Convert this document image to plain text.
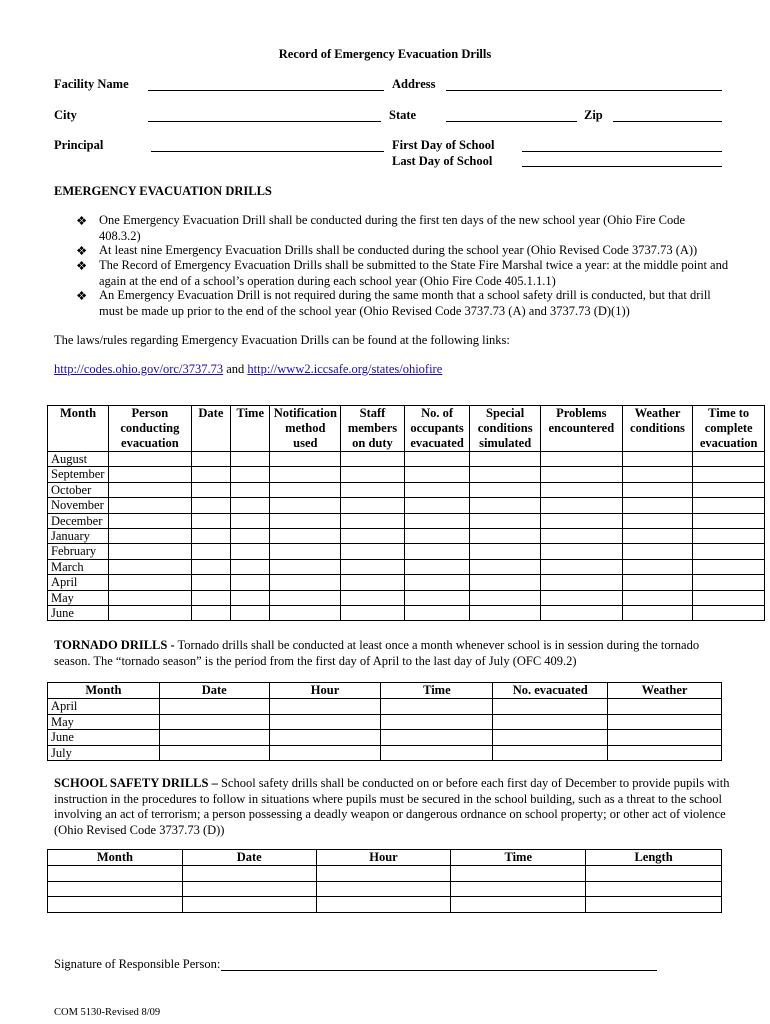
Record of Emergency Evacuation Drills
Facility Name	Address
City	State	Zip
Principal	First Day of School
Last Day of School
EMERGENCY EVACUATION DRILLS
❖ One Emergency Evacuation Drill shall be conducted during the first ten days of the new school year (Ohio Fire Code 408.3.2)
❖ At least nine Emergency Evacuation Drills shall be conducted during the school year (Ohio Revised Code 3737.73 (A))
❖ The Record of Emergency Evacuation Drills shall be submitted to the State Fire Marshal twice a year: at the middle point and again at the end of a school’s operation during each school year (Ohio Fire Code 405.1.1.1)
❖ An Emergency Evacuation Drill is not required during the same month that a school safety drill is conducted, but that drill must be made up prior to the end of the school year (Ohio Revised Code 3737.73 (A) and 3737.73 (D)(1))
The laws/rules regarding Emergency Evacuation Drills can be found at the following links:
http://codes.ohio.gov/orc/3737.73 and http://www2.iccsafe.org/states/ohiofire
Month	Person conducting evacuation	Date	Time	Notification method used	Staff members on duty	No. of occupants evacuated	Special conditions simulated	Problems encountered	Weather conditions	Time to complete evacuation
August										
September										
October										
November										
December										
January										
February										
March										
April										
May										
June										
TORNADO DRILLS - Tornado drills shall be conducted at least once a month whenever school is in session during the tornado season. The “tornado season” is the period from the first day of April to the last day of July (OFC 409.2)
Month	Date	Hour	Time	No. evacuated	Weather
April					
May					
June					
July					
SCHOOL SAFETY DRILLS – School safety drills shall be conducted on or before each first day of December to provide pupils with instruction in the procedures to follow in situations where pupils must be secured in the school building, such as a threat to the school involving an act of terrorism; a person possessing a deadly weapon or dangerous ordnance on school property; or other act of violence (Ohio Revised Code 3737.73 (D))
Month	Date	Hour	Time	Length

Signature of Responsible Person:
COM 5130-Revised 8/09
